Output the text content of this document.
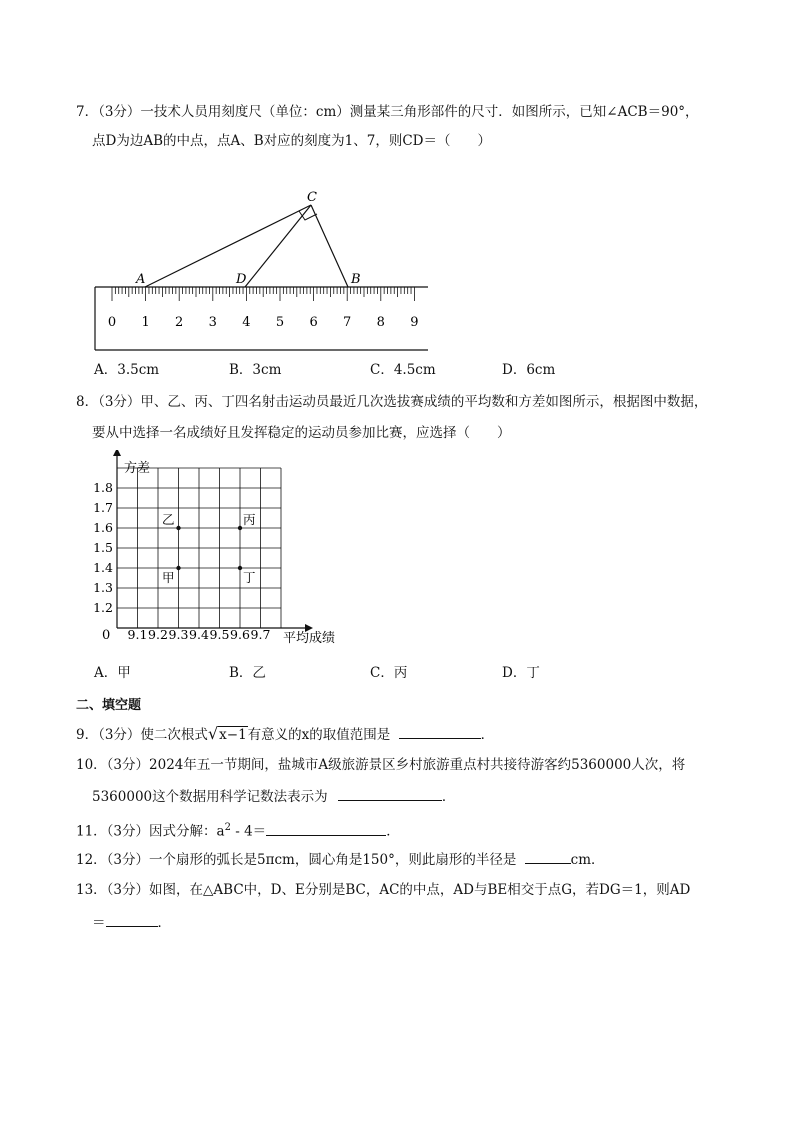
7．（3分）一技术人员用刻度尺（单位：cm）测量某三角形部件的尺寸．如图所示，已知∠ACB＝90°，
点D为边AB的中点，点A、B对应的刻度为1、7，则CD＝（　　）
0 1 2 3 4 5 6 7 8 9
A	D	B
C
A．3.5cm	B．3cm	C．4.5cm	D．6cm
8．（3分）甲、乙、丙、丁四名射击运动员最近几次选拔赛成绩的平均数和方差如图所示，根据图中数据，
要从中选择一名成绩好且发挥稳定的运动员参加比赛，应选择（　　）
9.1 9.2 9.3 9.4 9.5 9.6 9.7
1.2
1.3
1.4
1.5
1.6
1.7
1.8
甲
乙	丙
丁
方差
平均成绩
0
A．甲	B．乙	C．丙	D．丁
二、填空题
9．（3分）使二次根式√x−1有意义的x的取值范围是	．
10．（3分）2024年五一节期间，盐城市A级旅游景区乡村旅游重点村共接待游客约5360000人次，将
5360000这个数据用科学记数法表示为	．
11．（3分）因式分解：$a^2 - 4=$	．
12．（3分）一个扇形的弧长是5πcm，圆心角是150°，则此扇形的半径是	cm．
13．（3分）如图，在△ABC中，D、E分别是BC，AC的中点，AD与BE相交于点G，若DG＝1，则AD
＝	．
